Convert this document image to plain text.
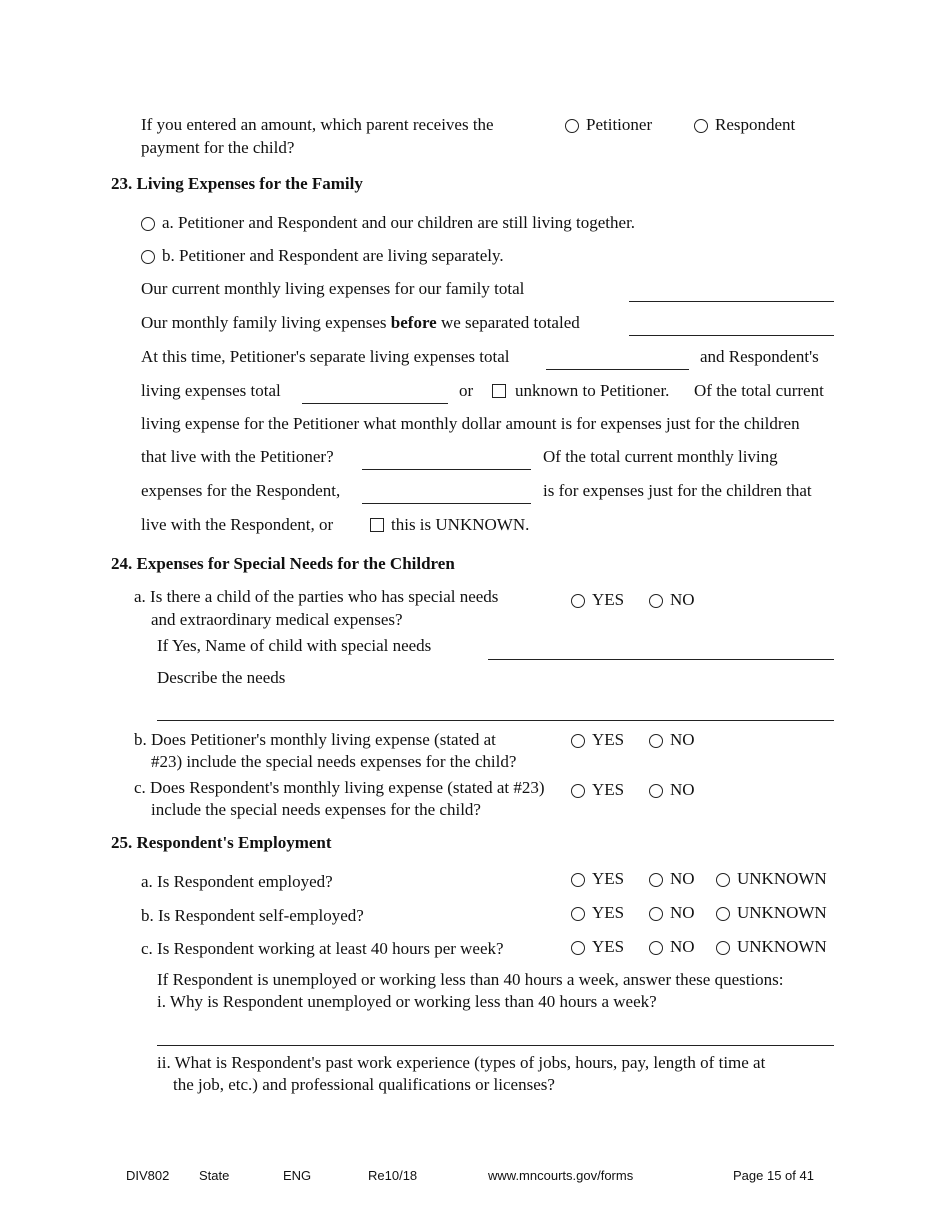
If you entered an amount, which parent receives the
payment for the child?
Petitioner	Respondent
23. Living Expenses for the Family
a. Petitioner and Respondent and our children are still living together.
b. Petitioner and Respondent are living separately.
Our current monthly living expenses for our family total
Our monthly family living expenses before we separated totaled
At this time, Petitioner's separate living expenses total	and Respondent's
living expenses total	or unknown to Petitioner. Of the total current
living expense for the Petitioner what monthly dollar amount is for expenses just for the children
that live with the Petitioner?	Of the total current monthly living
expenses for the Respondent,	is for expenses just for the children that
live with the Respondent, or	this is UNKNOWN.
24. Expenses for Special Needs for the Children
a. Is there a child of the parties who has special needs
and extraordinary medical expenses?
YES	NO
If Yes, Name of child with special needs
Describe the needs
b. Does Petitioner's monthly living expense (stated at
#23) include the special needs expenses for the child?
YES	NO
c. Does Respondent's monthly living expense (stated at #23)
include the special needs expenses for the child?
YES	NO
25. Respondent's Employment
a. Is Respondent employed?	YES	NO UNKNOWN
b. Is Respondent self-employed?	YES	NO UNKNOWN
c. Is Respondent working at least 40 hours per week?	YES	NO UNKNOWN
If Respondent is unemployed or working less than 40 hours a week, answer these questions:
i. Why is Respondent unemployed or working less than 40 hours a week?
ii. What is Respondent's past work experience (types of jobs, hours, pay, length of time at
the job, etc.) and professional qualifications or licenses?
DIV802 State	ENG	Re10/18	www.mncourts.gov/forms	Page 15 of 41
